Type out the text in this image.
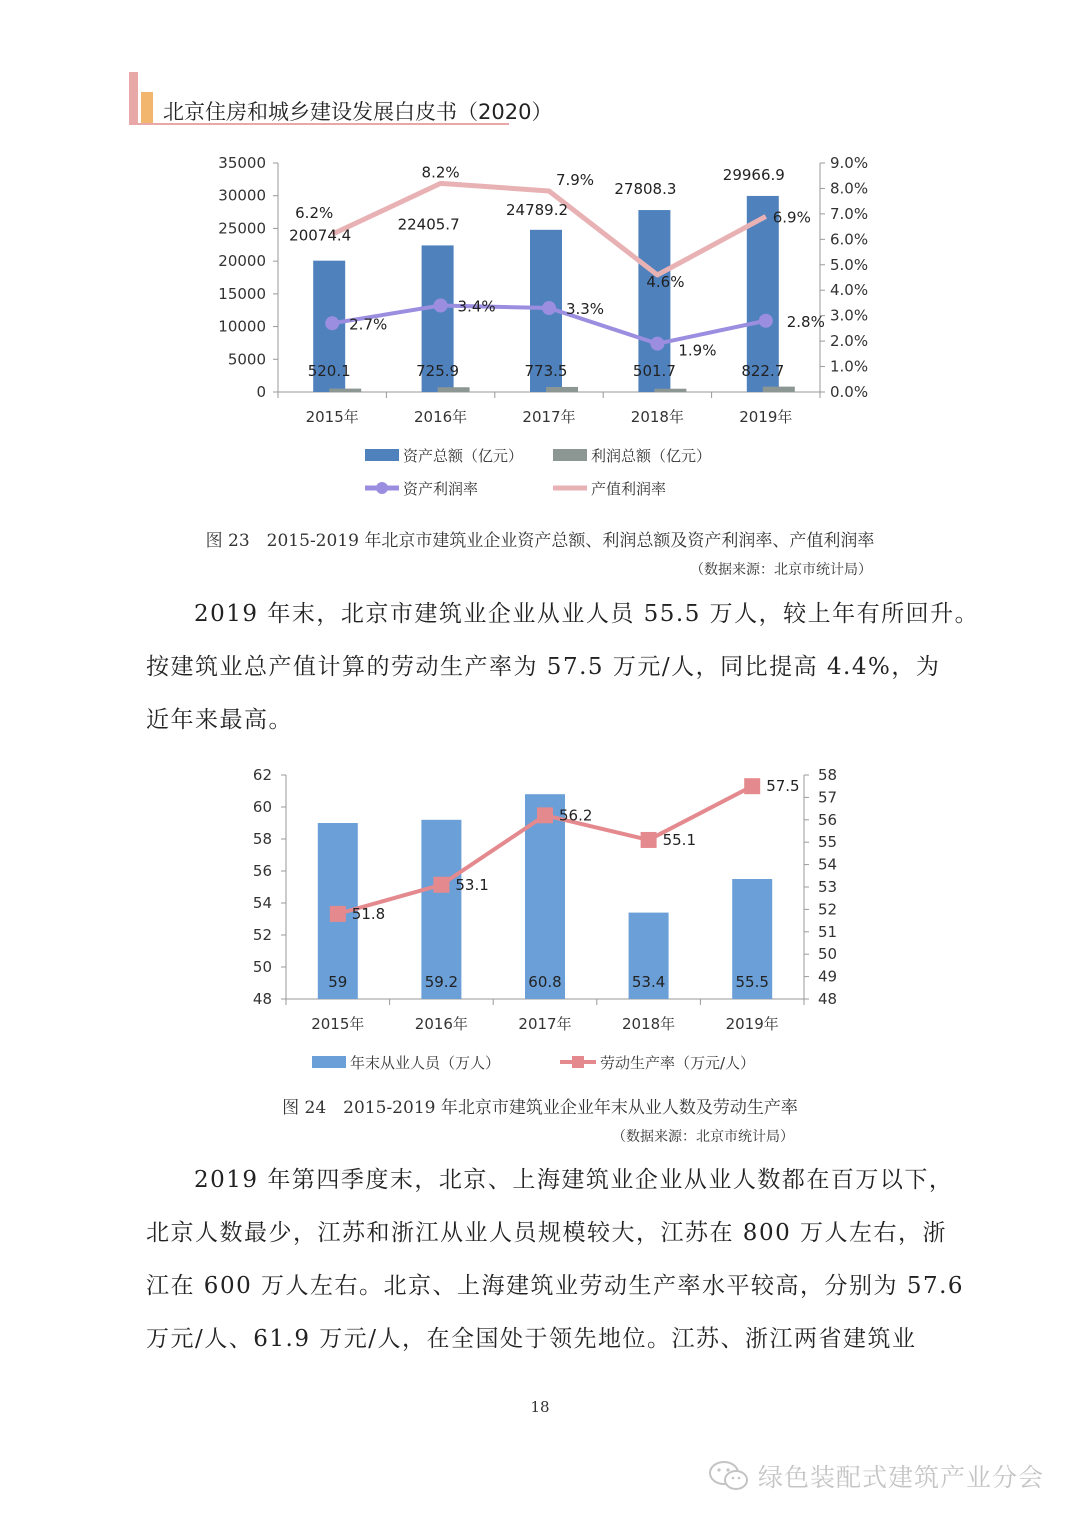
北京住房和城乡建设发展白皮书（2020）
35000
30000
25000
20000
15000
10000
5000
0
9.0%
8.0%
7.0%
6.0%
5.0%
4.0%
3.0%
2.0%
1.0%
0.0%
2015年	2016年	2017年	2018年	2019年
20074.4
22405.7
24789.2
27808.3
29966.9
520.1	725.9	773.5	501.7	822.7
6.2%
8.2%	7.9%
4.6%
6.9%
2.7%
3.4%	3.3%
1.9%
2.8%
资产总额（亿元）	利润总额（亿元）
资产利润率	产值利润率
图 23　2015-2019 年北京市建筑业企业资产总额、利润总额及资产利润率、产值利润率
（数据来源：北京市统计局）
2019 年末，北京市建筑业企业从业人员 55.5 万人，较上年有所回升。
按建筑业总产值计算的劳动生产率为 57.5 万元/人，同比提高 4.4%，为
近年来最高。
62
60
58
56
54
52
50
48
58
57
56
55
54
53
52
51
50
49
48
2015年	2016年	2017年	2018年	2019年
59	59.2	60.8	53.4	55.5
51.8
53.1
56.2
55.1
57.5
年末从业人员（万人）	劳动生产率（万元/人）
图 24　2015-2019 年北京市建筑业企业年末从业人数及劳动生产率
（数据来源：北京市统计局）
2019 年第四季度末，北京、上海建筑业企业从业人数都在百万以下，
北京人数最少，江苏和浙江从业人员规模较大，江苏在 800 万人左右，浙
江在 600 万人左右。北京、上海建筑业劳动生产率水平较高，分别为 57.6
万元/人、61.9 万元/人，在全国处于领先地位。江苏、浙江两省建筑业
18
绿色装配式建筑产业分会
